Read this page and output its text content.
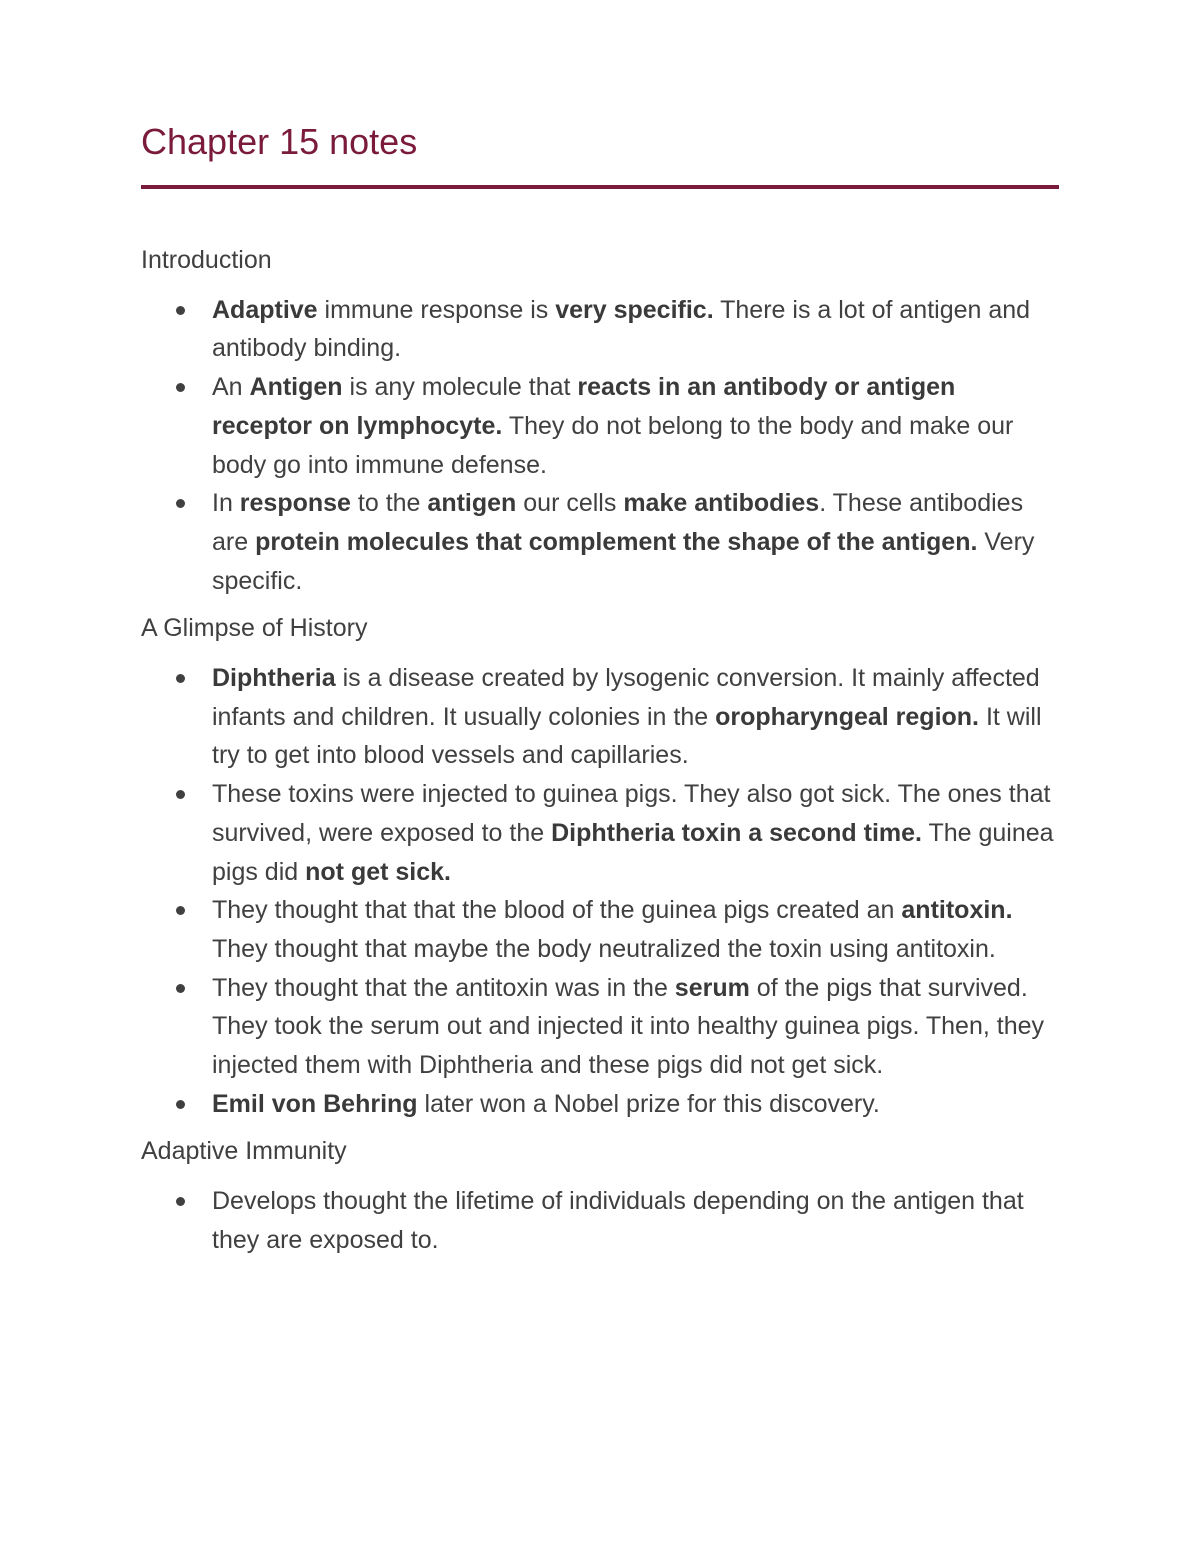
Chapter 15 notes
Introduction
Adaptive immune response is very specific. There is a lot of antigen and antibody binding.
An Antigen is any molecule that reacts in an antibody or antigen receptor on lymphocyte. They do not belong to the body and make our body go into immune defense.
In response to the antigen our cells make antibodies. These antibodies are protein molecules that complement the shape of the antigen. Very specific.
A Glimpse of History
Diphtheria is a disease created by lysogenic conversion. It mainly affected infants and children. It usually colonies in the oropharyngeal region. It will try to get into blood vessels and capillaries.
These toxins were injected to guinea pigs. They also got sick. The ones that survived, were exposed to the Diphtheria toxin a second time. The guinea pigs did not get sick.
They thought that that the blood of the guinea pigs created an antitoxin. They thought that maybe the body neutralized the toxin using antitoxin.
They thought that the antitoxin was in the serum of the pigs that survived. They took the serum out and injected it into healthy guinea pigs. Then, they injected them with Diphtheria and these pigs did not get sick.
Emil von Behring later won a Nobel prize for this discovery.
Adaptive Immunity
Develops thought the lifetime of individuals depending on the antigen that they are exposed to.
